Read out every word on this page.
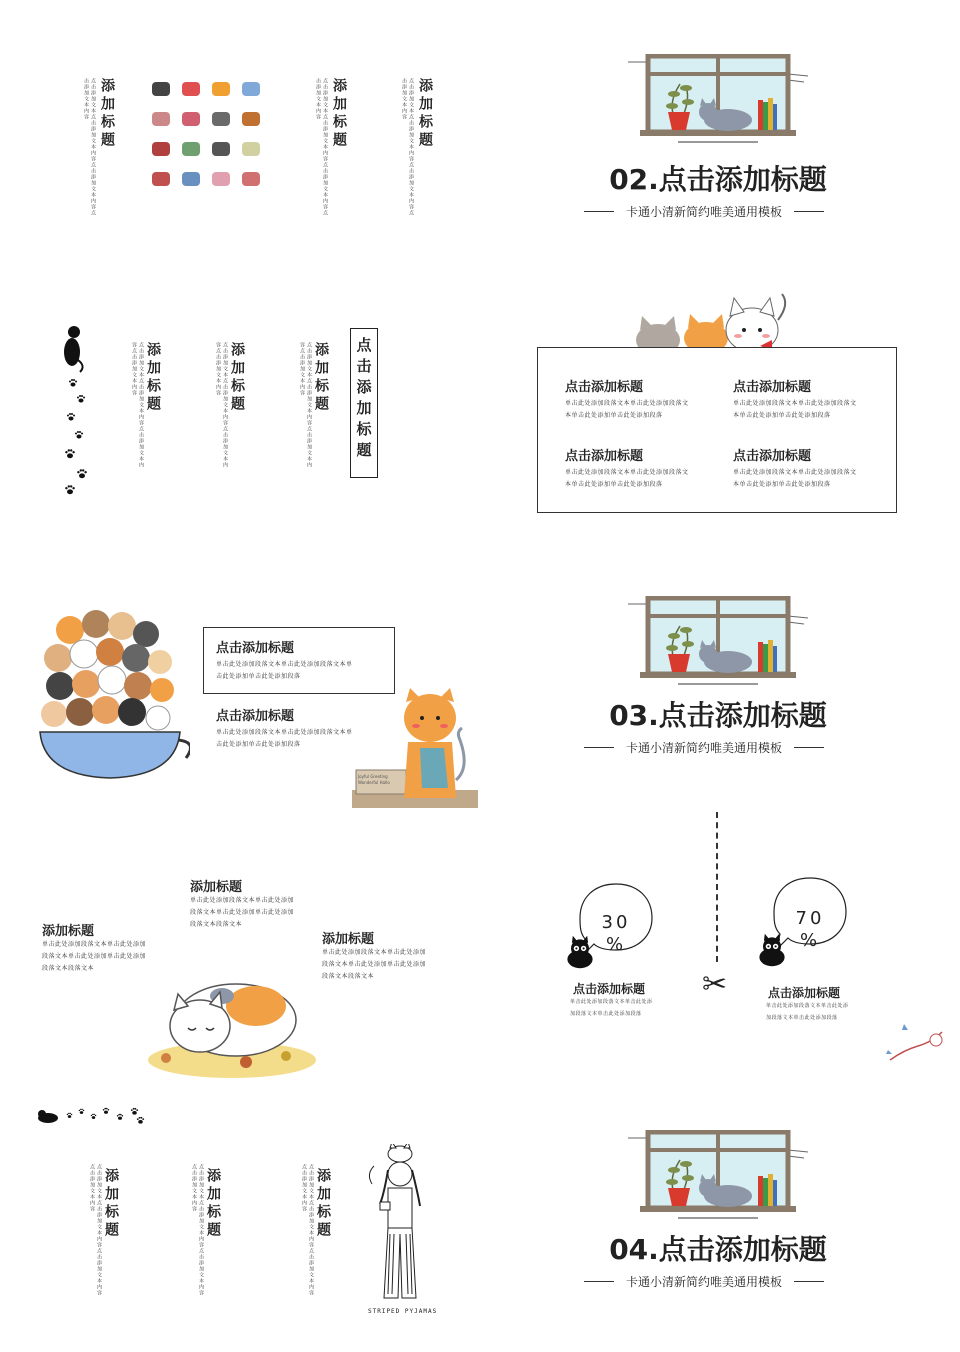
添加标题
点击添加文本点击添加文本内容点击添加文本内容点击添加文本内容	添加标题
点击添加文本点击添加文本内容点击添加文本内容点击添加文本内容	添加标题
点击添加文本点击添加文本内容点击添加文本内容点击添加文本内容
02.点击添加标题
卡通小清新简约唯美通用模板
添加标题
点击添加文本点击添加文本内容点击添加文本内容点击添加文本内容	添加标题
点击添加文本点击添加文本内容点击添加文本内容点击添加文本内容	添加标题
点击添加文本点击添加文本内容点击添加文本内容点击添加文本内容	点击添加标题	点击添加标题
单击此处添加段落文本单击此处添加段落文
本单击此处添加单击此处添加段落
点击添加标题
单击此处添加段落文本单击此处添加段落文
本单击此处添加单击此处添加段落
点击添加标题
单击此处添加段落文本单击此处添加段落文
本单击此处添加单击此处添加段落
点击添加标题
单击此处添加段落文本单击此处添加段落文
本单击此处添加单击此处添加段落
点击添加标题
单击此处添加段落文本单击此处添加段落文本单
击此处添加单击此处添加段落
点击添加标题
单击此处添加段落文本单击此处添加段落文本单
击此处添加单击此处添加段落
Joyful Greeting Wonderful Hallo
03.点击添加标题
卡通小清新简约唯美通用模板
添加标题
单击此处添加段落文本单击此处添加
段落文本单击此处添加单击此处添加
段落文本段落文本
添加标题
单击此处添加段落文本单击此处添加
段落文本单击此处添加单击此处添加
段落文本段落文本
添加标题
单击此处添加段落文本单击此处添加
段落文本单击此处添加单击此处添加
段落文本段落文本	✂
30
%
点击添加标题
单击此处添加段落文本单击此处添
加段落文本单击此处添加段落
70
%
点击添加标题
单击此处添加段落文本单击此处添
加段落文本单击此处添加段落
添加标题
点击添加文本点击添加文本内容点击添加文本内容点击添加文本内容	添加标题
点击添加文本点击添加文本内容点击添加文本内容点击添加文本内容	添加标题
点击添加文本点击添加文本内容点击添加文本内容点击添加文本内容
STRIPED PYJAMAS
04.点击添加标题
卡通小清新简约唯美通用模板
